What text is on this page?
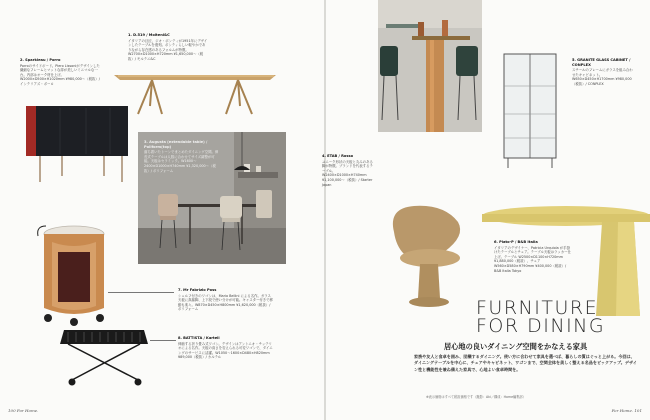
1. D.519 / Molteni&C
イタリアの巨匠、ジオ・ポンティが1951年にデザインしたテーブルを復刻。ポンティらしい軽やかでありながら存在感のあるフォルムが特徴。W2700×D1000×H720mm ¥1,650,000〜（税抜）/ モルテニ&C
2. Sparkleau / Porro
Porroのサイドボード。Piero Lissoniがデザインした繊細なフレームとマットな扉が美しいミニマルな一台。内部はオーク材仕上げ。W2000×D500×H1020mm ¥980,000〜（税抜）/ インテリアズ・ポーロ
3. Augusta (extendable table) / Poliform(top)
落ち着いたトーンでまとめたダイニング空間。伸長式テーブルは人数に合わせてサイズ調整が可能。天板はセラミック。W1600〜2400×D1000×H740mm ¥1,320,000〜（税抜）/ ポリフォーム
7. Mr Fabrizio Poss
シェルフ付きのワゴンは、Mario Bellini による名作。ガラス天板に真鍮脚、上下段で使い分けが可能。キャスター付きで移動も楽々。W870×D450×H800mm ¥1,620,000（税抜）/ ポリフォーム
8. BATTISTA / Kartell
伸縮する折り畳み式ワゴン。デザインはアントニオ・チッテリオによる名作。天板の高さを変えられる可変ワゴンで、ダイニングのサービスに活躍。W1050〜1600×D480×H820mm ¥89,000（税抜）/ カルテル
100 For Home.
4. ETAB / Rosso
ユニーク形状の天板と丸みのある脚が特徴。ブランドを代表するテーブル。W2400×D1000×H740mm ¥1,100,000〜（税抜）/ Starter Japan
5. GRANITE GLASS CABINET / CONPLEX
スチールのフレームにガラスを組み合わせたキャビネット。W650×D450×H1700mm ¥980,000（税抜）/ CONPLEX
6. Plato-P / B&B Italia
イタリアのデザイナー、Patricia Urquiola が手掛けたテーブルとチェア。テーブル天板はラッカー仕上げ。テーブル W2500×D1100×H720mm ¥1,880,000（税抜）、チェア W560×D580×H790mm ¥400,000（税抜）/ B&B Italia Tokyo
FURNITURE
FOR DINING
居心地の良いダイニング空間をかなえる家具
家族や友人と食卓を囲み、団欒するダイニング。使い方に合わせて家具を選べば、暮らしの質はぐっと上がる。今回は、ダイニングテーブルを中心に、チェアやキャビネット、ワゴンまで、空間全体を美しく整える名品をピックアップ。デザイン性と機能性を兼ね備えた家具で、心地よい食卓時間を。
※表示価格はすべて税抜価格です（撮影：Aki／構成：Home編集部）
For Home. 101
